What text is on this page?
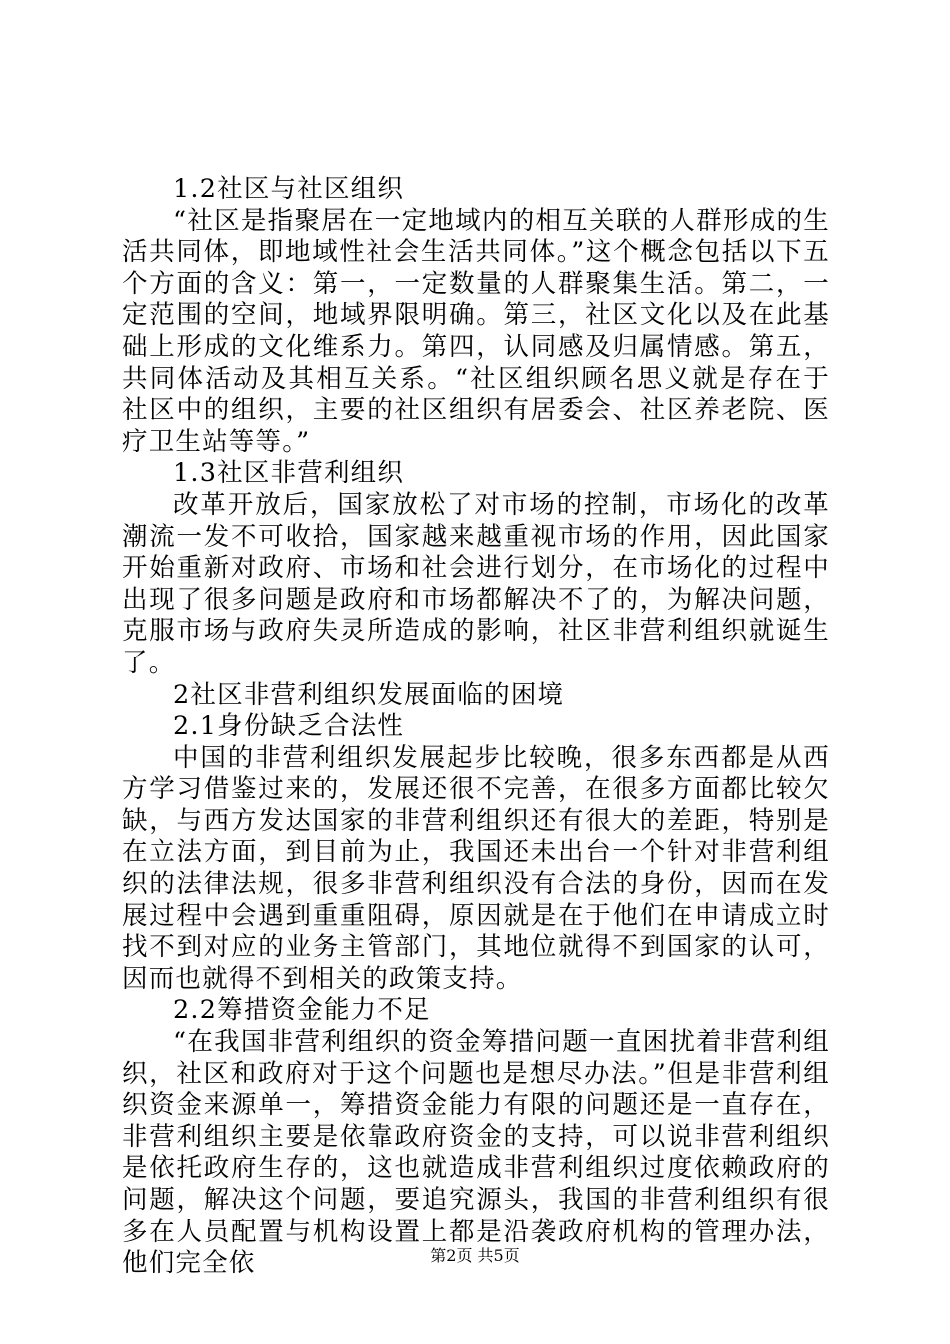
1.2社区与社区组织

“社区是指聚居在一定地域内的相互关联的人群形成的生活共同体，即地域性社会生活共同体。”这个概念包括以下五个方面的含义：第一，一定数量的人群聚集生活。第二，一定范围的空间，地域界限明确。第三，社区文化以及在此基础上形成的文化维系力。第四，认同感及归属情感。第五，共同体活动及其相互关系。“社区组织顾名思义就是存在于社区中的组织，主要的社区组织有居委会、社区养老院、医疗卫生站等等。”

1.3社区非营利组织

改革开放后，国家放松了对市场的控制，市场化的改革潮流一发不可收拾，国家越来越重视市场的作用，因此国家开始重新对政府、市场和社会进行划分，在市场化的过程中出现了很多问题是政府和市场都解决不了的，为解决问题，克服市场与政府失灵所造成的影响，社区非营利组织就诞生了。

2社区非营利组织发展面临的困境

2.1身份缺乏合法性

中国的非营利组织发展起步比较晚，很多东西都是从西方学习借鉴过来的，发展还很不完善，在很多方面都比较欠缺，与西方发达国家的非营利组织还有很大的差距，特别是在立法方面，到目前为止，我国还未出台一个针对非营利组织的法律法规，很多非营利组织没有合法的身份，因而在发展过程中会遇到重重阻碍，原因就是在于他们在申请成立时找不到对应的业务主管部门，其地位就得不到国家的认可，因而也就得不到相关的政策支持。

2.2筹措资金能力不足

“在我国非营利组织的资金筹措问题一直困扰着非营利组织，社区和政府对于这个问题也是想尽办法。”但是非营利组织资金来源单一，筹措资金能力有限的问题还是一直存在，非营利组织主要是依靠政府资金的支持，可以说非营利组织是依托政府生存的，这也就造成非营利组织过度依赖政府的问题，解决这个问题，要追究源头，我国的非营利组织有很多在人员配置与机构设置上都是沿袭政府机构的管理办法，他们完全依	第2页 共5页
